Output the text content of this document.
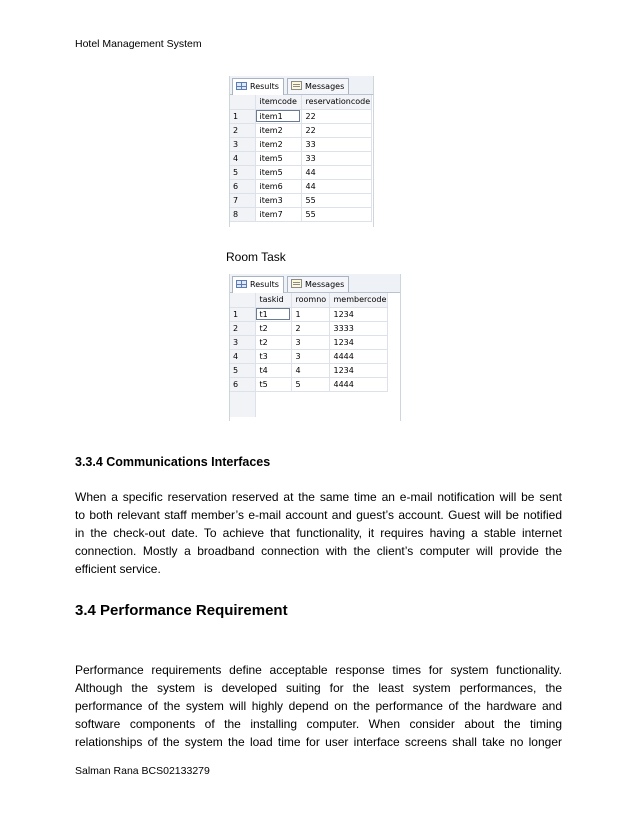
Hotel Management System
Results	Messages
	itemcode	reservationcode
1	item1	22
2	item2	22
3	item2	33
4	item5	33
5	item5	44
6	item6	44
7	item3	55
8	item7	55
Room Task
Results	Messages
	taskid	roomno	membercode
1	t1	1	1234
2	t2	2	3333
3	t2	3	1234
4	t3	3	4444
5	t4	4	1234
6	t5	5	4444

3.3.4 Communications Interfaces

When a specific reservation reserved at the same time an e-mail notification will be sent
to both relevant staff member’s e-mail account and guest’s account. Guest will be notified
in the check-out date. To achieve that functionality, it requires having a stable internet
connection. Mostly a broadband connection with the client’s computer will provide the
efficient service.

3.4 Performance Requirement

Performance requirements define acceptable response times for system functionality.
Although the system is developed suiting for the least system performances, the
performance of the system will highly depend on the performance of the hardware and
software components of the installing computer. When consider about the timing
relationships of the system the load time for user interface screens shall take no longer

Salman Rana BCS02133279
